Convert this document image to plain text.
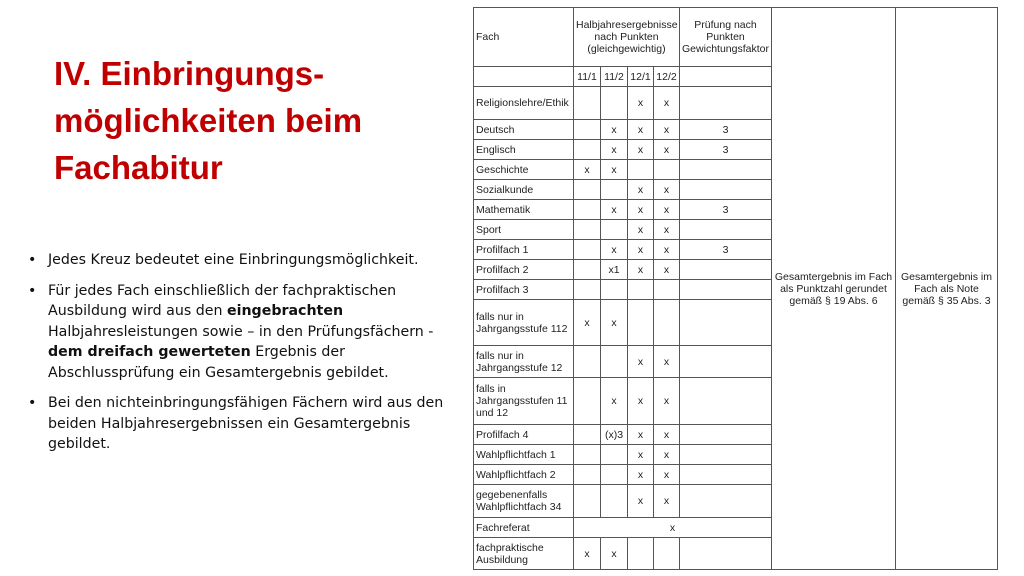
IV. Einbringungs-
möglichkeiten beim
Fachabitur
• Jedes Kreuz bedeutet eine Einbringungsmöglichkeit.
• Für jedes Fach einschließlich der fachpraktischen Ausbildung wird aus den eingebrachten Halbjahresleistungen sowie – in den Prüfungsfächern - dem dreifach gewerteten Ergebnis der Abschlussprüfung ein Gesamtergebnis gebildet.
• Bei den nichteinbringungsfähigen Fächern wird aus den beiden Halbjahresergebnissen ein Gesamtergebnis gebildet.
Fach	Halbjahresergebnisse nach Punkten (gleichgewichtig)				Prüfung nach Punkten Gewichtungsfaktor	Gesamtergebnis im Fach als Punktzahl gerundet gemäß § 19 Abs. 6	Gesamtergebnis im Fach als Note gemäß § 35 Abs. 3
	11/1	11/2	12/1	12/2			
Religionslehre/Ethik			x	x			
Deutsch		x	x	x	3		
Englisch		x	x	x	3		
Geschichte	x	x					
Sozialkunde			x	x			
Mathematik		x	x	x	3		
Sport			x	x			
Profilfach 1		x	x	x	3		
Profilfach 2		x1	x	x			
Profilfach 3							
falls nur in Jahrgangsstufe 112	x	x					
falls nur in Jahrgangsstufe 12			x	x			
falls in Jahrgangsstufen 11 und 12		x	x	x			
Profilfach 4		(x)3	x	x			
Wahlpflichtfach 1			x	x			
Wahlpflichtfach 2			x	x			
gegebenenfalls Wahlpflichtfach 34			x	x			
Fachreferat	x						
fachpraktische Ausbildung	x	x					
